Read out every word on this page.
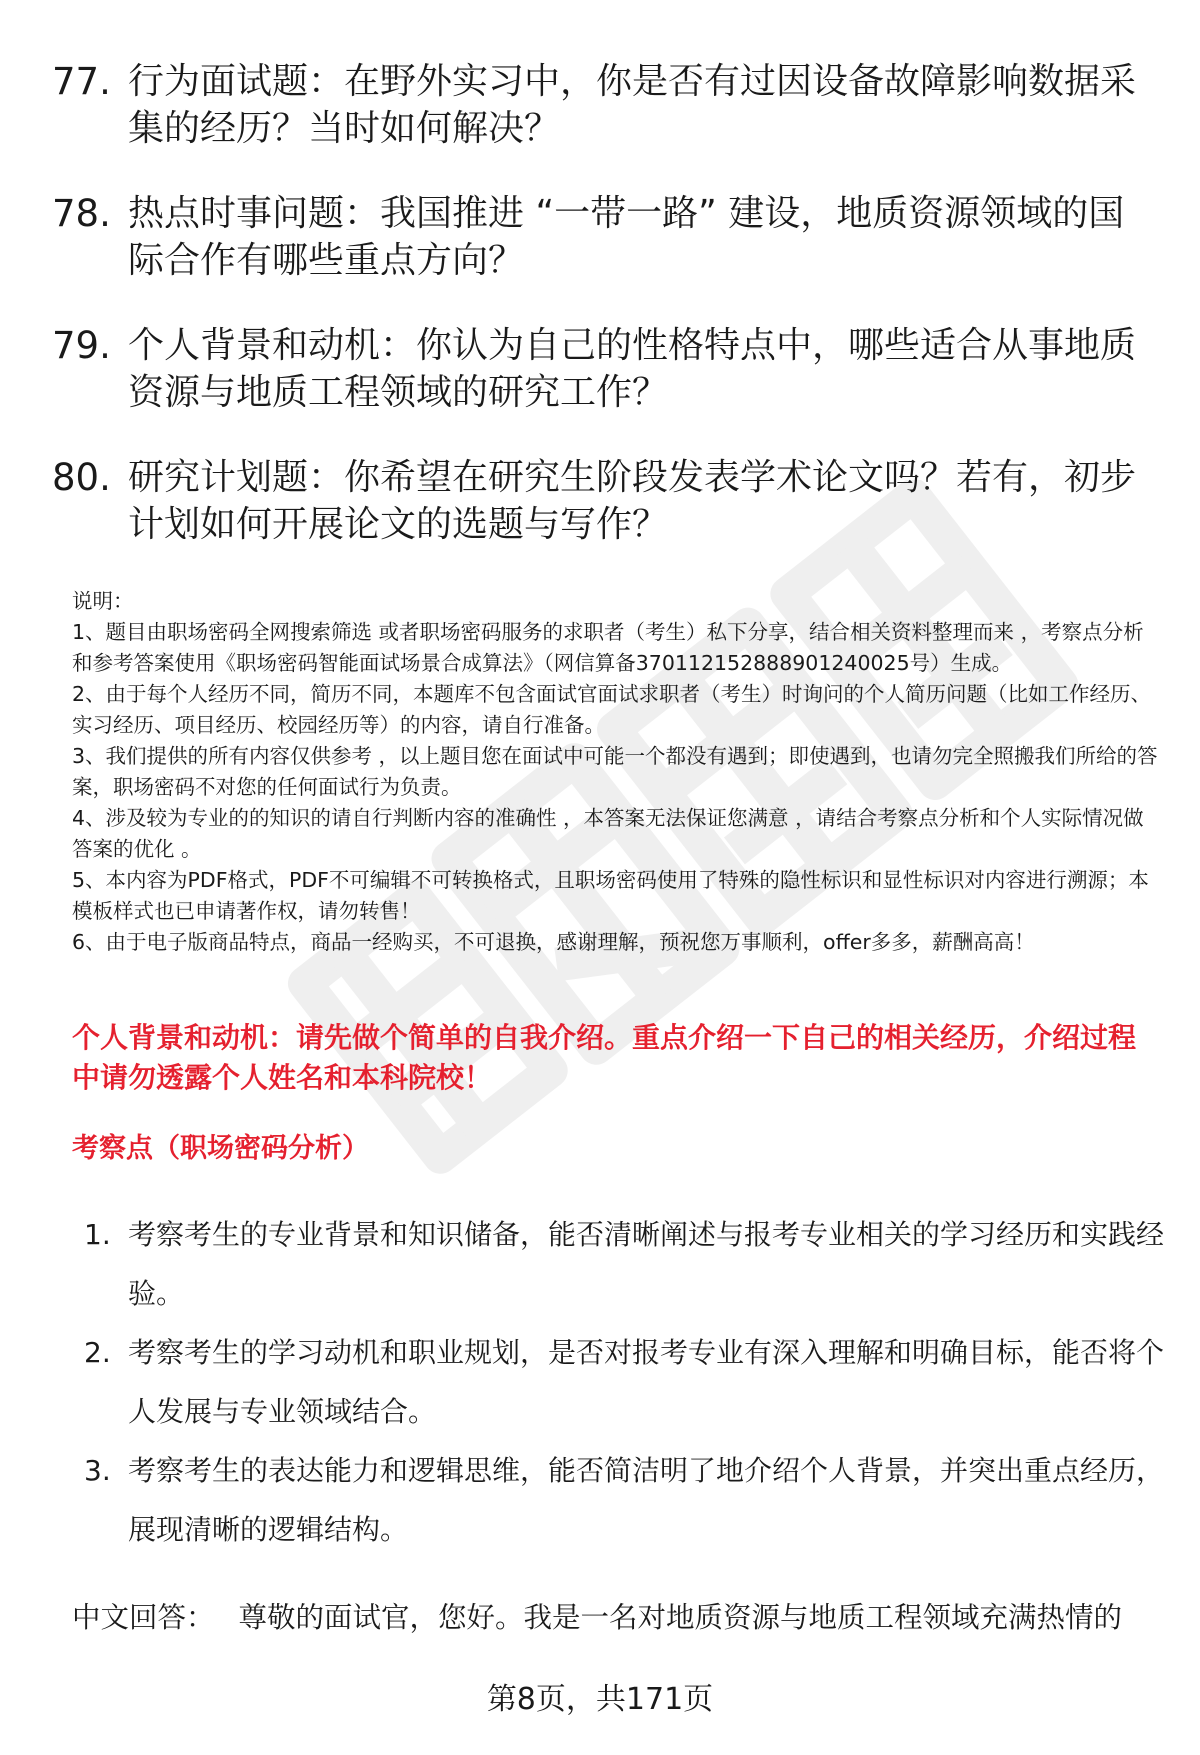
77. 行为面试题：在野外实习中，你是否有过因设备故障影响数据采集的经历？当时如何解决？
78. 热点时事问题：我国推进 “一带一路” 建设，地质资源领域的国际合作有哪些重点方向？
79. 个人背景和动机：你认为自己的性格特点中，哪些适合从事地质资源与地质工程领域的研究工作？
80. 研究计划题：你希望在研究生阶段发表学术论文吗？若有，初步计划如何开展论文的选题与写作？

说明：

1、题目由职场密码全网搜索筛选 或者职场密码服务的求职者（考生）私下分享，结合相关资料整理而来 ，考察点分析和参考答案使用《职场密码智能面试场景合成算法》（网信算备370112152888901240025号）生成。

2、由于每个人经历不同，简历不同，本题库不包含面试官面试求职者（考生）时询问的个人简历问题（比如工作经历、实习经历、项目经历、校园经历等）的内容，请自行准备。

3、我们提供的所有内容仅供参考 ，以上题目您在面试中可能一个都没有遇到；即使遇到，也请勿完全照搬我们所给的答案，职场密码不对您的任何面试行为负责。

4、涉及较为专业的的知识的请自行判断内容的准确性 ，本答案无法保证您满意 ，请结合考察点分析和个人实际情况做答案的优化 。

5、本内容为PDF格式，PDF不可编辑不可转换格式，且职场密码使用了特殊的隐性标识和显性标识对内容进行溯源；本模板样式也已申请著作权，请勿转售！

6、由于电子版商品特点，商品一经购买，不可退换，感谢理解，预祝您万事顺利，offer多多，薪酬高高！

个人背景和动机：请先做个简单的自我介绍。重点介绍一下自己的相关经历，介绍过程中请勿透露个人姓名和本科院校！
考察点（职场密码分析）
1. 考察考生的专业背景和知识储备，能否清晰阐述与报考专业相关的学习经历和实践经验。
2. 考察考生的学习动机和职业规划，是否对报考专业有深入理解和明确目标，能否将个人发展与专业领域结合。
3. 考察考生的表达能力和逻辑思维，能否简洁明了地介绍个人背景，并突出重点经历，展现清晰的逻辑结构。
中文回答： 尊敬的面试官，您好。我是一名对地质资源与地质工程领域充满热情的
第8页，共171页
